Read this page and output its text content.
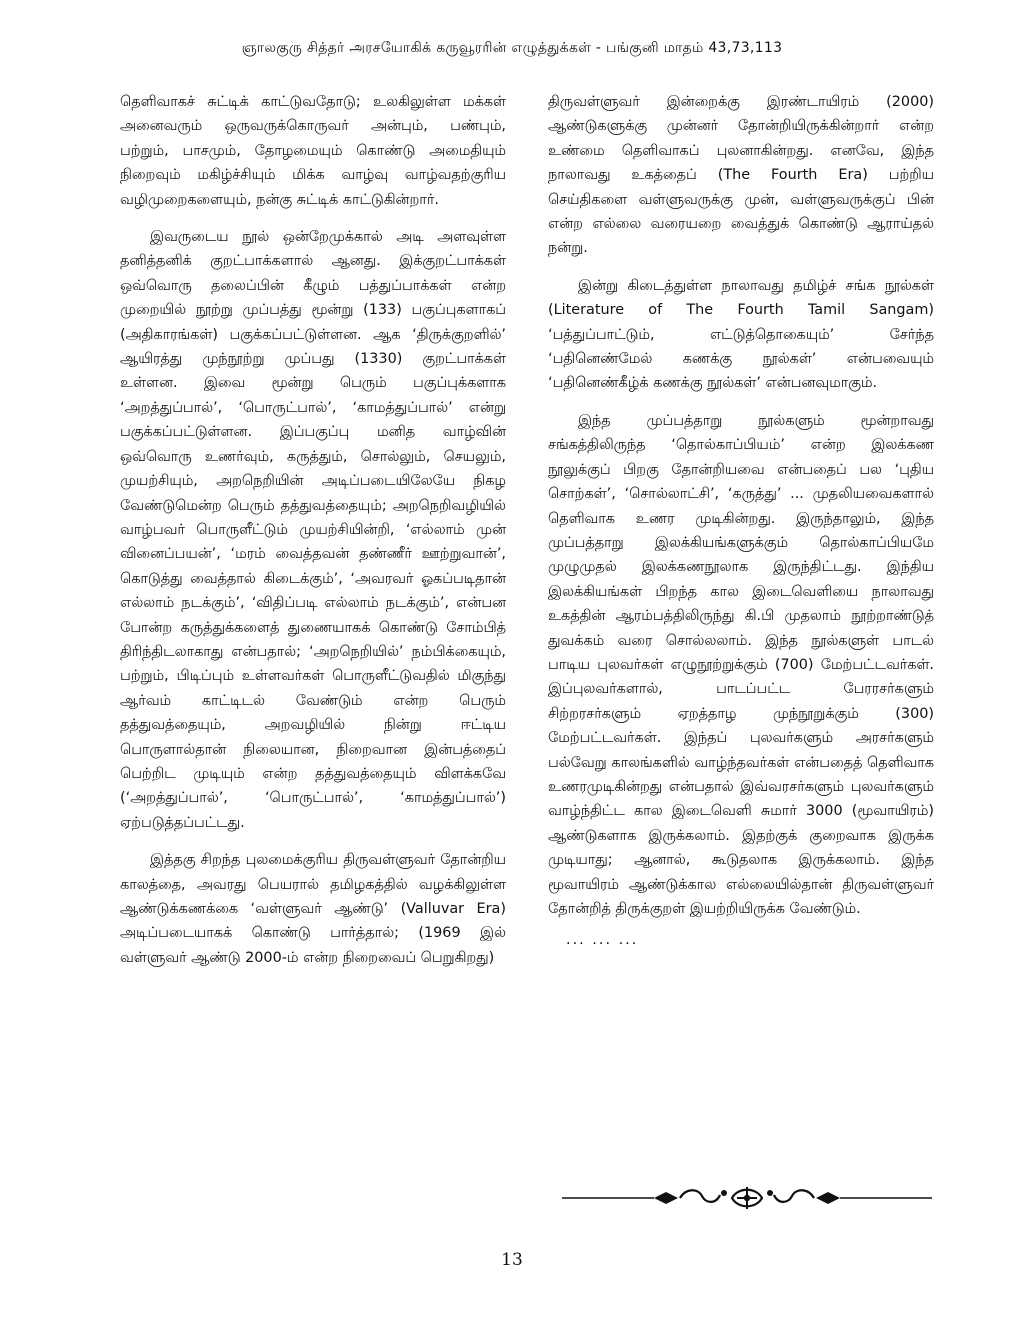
ஞாலகுரு சித்தர் அரசயோகிக் கருவூரரின் எழுத்துக்கள் - பங்குனி மாதம் 43,73,113

தெளிவாகச் சுட்டிக் காட்டுவதோடு; உலகிலுள்ள மக்கள் அனைவரும் ஒருவருக்கொருவர் அன்பும், பண்பும், பற்றும், பாசமும், தோழமையும் கொண்டு அமைதியும் நிறைவும் மகிழ்ச்சியும் மிக்க வாழ்வு வாழ்வதற்குரிய வழிமுறைகளையும், நன்கு சுட்டிக் காட்டுகின்றார்.

இவருடைய நூல் ஒன்றேமுக்கால் அடி அளவுள்ள தனித்தனிக் குறட்பாக்களால் ஆனது. இக்குறட்பாக்கள் ஒவ்வொரு தலைப்பின் கீழும் பத்துப்பாக்கள் என்ற முறையில் நூற்று முப்பத்து மூன்று (133) பகுப்புகளாகப் (அதிகாரங்கள்) பகுக்கப்பட்டுள்ளன. ஆக ‘திருக்குறளில்’ ஆயிரத்து முந்நூற்று முப்பது (1330) குறட்பாக்கள் உள்ளன. இவை மூன்று பெரும் பகுப்புக்களாக ‘அறத்துப்பால்’, ‘பொருட்பால்’, ‘காமத்துப்பால்’ என்று பகுக்கப்பட்டுள்ளன. இப்பகுப்பு மனித வாழ்வின் ஒவ்வொரு உணர்வும், கருத்தும், சொல்லும், செயலும், முயற்சியும், அறநெறியின் அடிப்படையிலேயே நிகழ வேண்டுமென்ற பெரும் தத்துவத்தையும்; அறநெறிவழியில் வாழ்பவர் பொருளீட்டும் முயற்சியின்றி, ‘எல்லாம் முன் வினைப்பயன்’, ‘மரம் வைத்தவன் தண்ணீர் ஊற்றுவான்’, கொடுத்து வைத்தால் கிடைக்கும்’, ‘அவரவர் ஓகப்படிதான் எல்லாம் நடக்கும்’, ‘விதிப்படி எல்லாம் நடக்கும்’, என்பன போன்ற கருத்துக்களைத் துணையாகக் கொண்டு சோம்பித் திரிந்திடலாகாது என்பதால்; ‘அறநெறியில்’ நம்பிக்கையும், பற்றும், பிடிப்பும் உள்ளவர்கள் பொருளீட்டுவதில் மிகுந்து ஆர்வம் காட்டிடல் வேண்டும் என்ற பெரும் தத்துவத்தையும், அறவழியில் நின்று ஈட்டிய பொருளால்தான் நிலையான, நிறைவான இன்பத்தைப் பெற்றிட முடியும் என்ற தத்துவத்தையும் விளக்கவே (‘அறத்துப்பால்’, ‘பொருட்பால்’, ‘காமத்துப்பால்’) ஏற்படுத்தப்பட்டது.

இத்தகு சிறந்த புலமைக்குரிய திருவள்ளுவர் தோன்றிய காலத்தை, அவரது பெயரால் தமிழகத்தில் வழக்கிலுள்ள ஆண்டுக்கணக்கை ‘வள்ளுவர் ஆண்டு’ (Valluvar Era) அடிப்படையாகக் கொண்டு பார்த்தால்; (1969 இல் வள்ளுவர் ஆண்டு 2000-ம் என்ற நிறைவைப் பெறுகிறது)

திருவள்ளுவர் இன்றைக்கு இரண்டாயிரம் (2000) ஆண்டுகளுக்கு முன்னர் தோன்றியிருக்கின்றார் என்ற உண்மை தெளிவாகப் புலனாகின்றது. எனவே, இந்த நாலாவது உகத்தைப் (The Fourth Era) பற்றிய செய்திகளை வள்ளுவருக்கு முன், வள்ளுவருக்குப் பின் என்ற எல்லை வரையறை வைத்துக் கொண்டு ஆராய்தல் நன்று.

இன்று கிடைத்துள்ள நாலாவது தமிழ்ச் சங்க நூல்கள் (Literature of The Fourth Tamil Sangam) ‘பத்துப்பாட்டும், எட்டுத்தொகையும்’ சேர்ந்த ‘பதினெண்மேல் கணக்கு நூல்கள்’ என்பவையும் ‘பதினெண்கீழ்க் கணக்கு நூல்கள்’ என்பனவுமாகும்.

இந்த முப்பத்தாறு நூல்களும் மூன்றாவது சங்கத்திலிருந்த ‘தொல்காப்பியம்’ என்ற இலக்கண நூலுக்குப் பிறகு தோன்றியவை என்பதைப் பல ‘புதிய சொற்கள்’, ‘சொல்லாட்சி’, ‘கருத்து’ ... முதலியவைகளால் தெளிவாக உணர முடிகின்றது. இருந்தாலும், இந்த முப்பத்தாறு இலக்கியங்களுக்கும் தொல்காப்பியமே முழுமுதல் இலக்கணநூலாக இருந்திட்டது. இந்திய இலக்கியங்கள் பிறந்த கால இடைவெளியை நாலாவது உகத்தின் ஆரம்பத்திலிருந்து கி.பி முதலாம் நூற்றாண்டுத் துவக்கம் வரை சொல்லலாம். இந்த நூல்களுள் பாடல் பாடிய புலவர்கள் எழுநூற்றுக்கும் (700) மேற்பட்டவர்கள். இப்புலவர்களால், பாடப்பட்ட பேரரசர்களும் சிற்றரசர்களும் ஏறத்தாழ முந்நூறுக்கும் (300) மேற்பட்டவர்கள். இந்தப் புலவர்களும் அரசர்களும் பல்வேறு காலங்களில் வாழ்ந்தவர்கள் என்பதைத் தெளிவாக உணரமுடிகின்றது என்பதால் இவ்வரசர்களும் புலவர்களும் வாழ்ந்திட்ட கால இடைவெளி சுமார் 3000 (மூவாயிரம்) ஆண்டுகளாக இருக்கலாம். இதற்குக் குறைவாக இருக்க முடியாது; ஆனால், கூடுதலாக இருக்கலாம். இந்த மூவாயிரம் ஆண்டுக்கால எல்லையில்தான் திருவள்ளுவர் தோன்றித் திருக்குறள் இயற்றியிருக்க வேண்டும்.

... ... ...

13
